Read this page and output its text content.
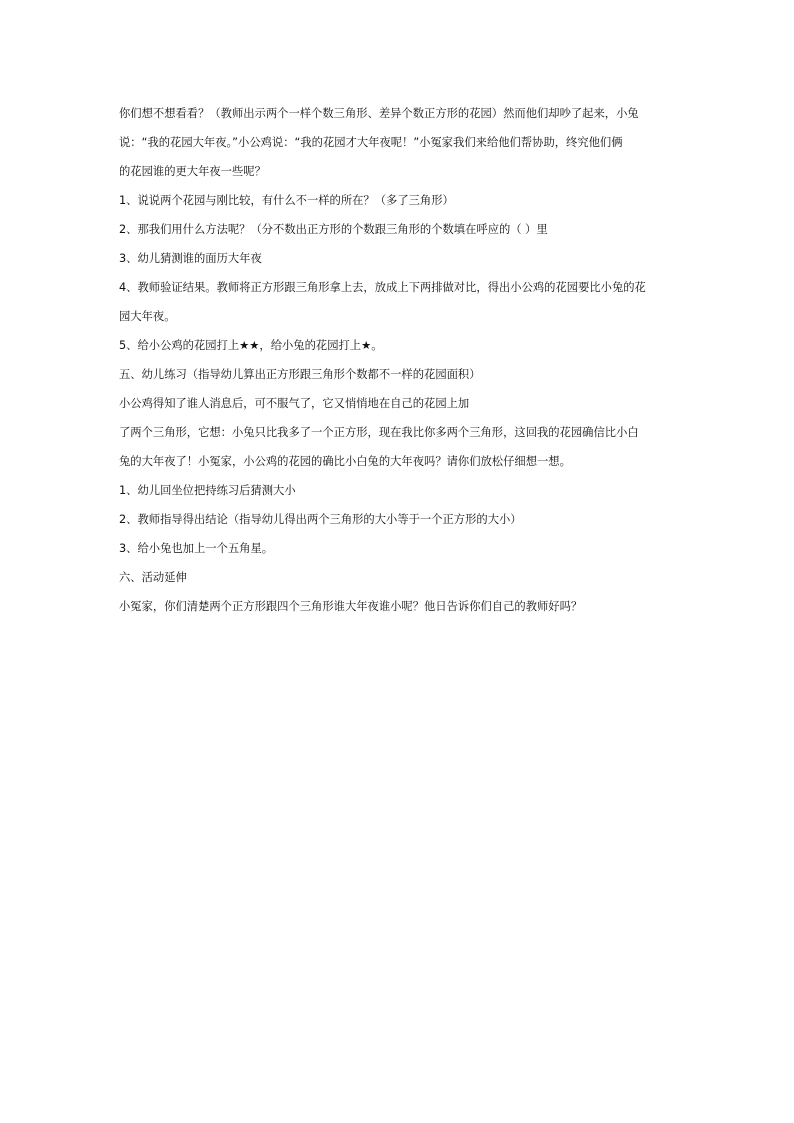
你们想不想看看？（教师出示两个一样个数三角形、差异个数正方形的花园）然而他们却吵了起来，小兔
说：“我的花园大年夜。”小公鸡说：“我的花园才大年夜呢！”小冤家我们来给他们帮协助，终究他们俩
的花园谁的更大年夜一些呢？
1、说说两个花园与刚比较，有什么不一样的所在？（多了三角形）
2、那我们用什么方法呢？（分不数出正方形的个数跟三角形的个数填在呼应的（ ）里
3、幼儿猜测谁的面历大年夜
4、教师验证结果。教师将正方形跟三角形拿上去，放成上下两排做对比，得出小公鸡的花园要比小兔的花
园大年夜。
5、给小公鸡的花园打上★★，给小兔的花园打上★。
五、幼儿练习（指导幼儿算出正方形跟三角形个数都不一样的花园面积）
小公鸡得知了谁人消息后，可不服气了，它又悄悄地在自己的花园上加
了两个三角形，它想：小兔只比我多了一个正方形，现在我比你多两个三角形，这回我的花园确信比小白
兔的大年夜了！小冤家，小公鸡的花园的确比小白兔的大年夜吗？请你们放松仔细想一想。
1、幼儿回坐位把持练习后猜测大小
2、教师指导得出结论（指导幼儿得出两个三角形的大小等于一个正方形的大小）
3、给小兔也加上一个五角星。
六、活动延伸
小冤家，你们清楚两个正方形跟四个三角形谁大年夜谁小呢？他日告诉你们自己的教师好吗？
